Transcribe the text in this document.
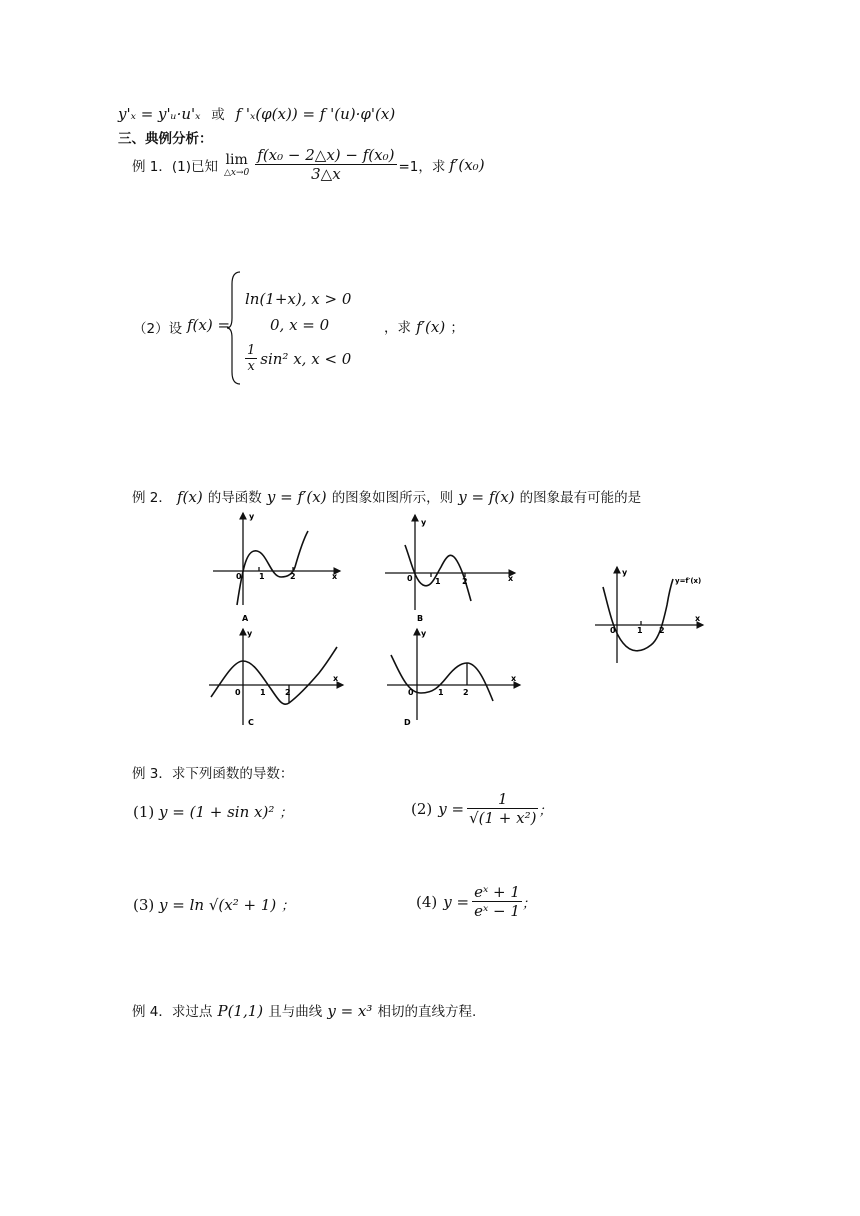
y'ₓ = y'ᵤ·u'ₓ 或 f 'ₓ(φ(x)) = f '(u)·φ'(x)
三、典例分析：
例 1．(1)已知 lim
△x→0 $\frac{\text{f(x₀ − 2△x) − f(x₀)}}{3\triangle x} =1$，求 f′(x₀)
（2）设 f(x) =
ln(1+x), x > 0
0, x = 0
$\frac{1}{x} \sin^2$ x, x < 0
，求 f′(x) ；
例 2． f(x) 的导函数 y = f′(x) 的图象如图所示，则 y = f(x) 的图象最有可能的是
x
y
0 1	2
A
x
y
0	1	2
B
x
y
0 1 2
C
x
y
0	1 2
D
x
y
0	1 2
y=f′(x)
例 3．求下列函数的导数：
(1) y = (1 + sin x)² ；	(2) $y = \frac{1}{\text{√(1 + x²)}}$ ；
(3) y = ln √(x² + 1) ；	(4) $y = \frac{\text{eˣ + 1}}{\text{eˣ − 1}}$ ；
例 4．求过点 P(1,1) 且与曲线 y = x³ 相切的直线方程.
